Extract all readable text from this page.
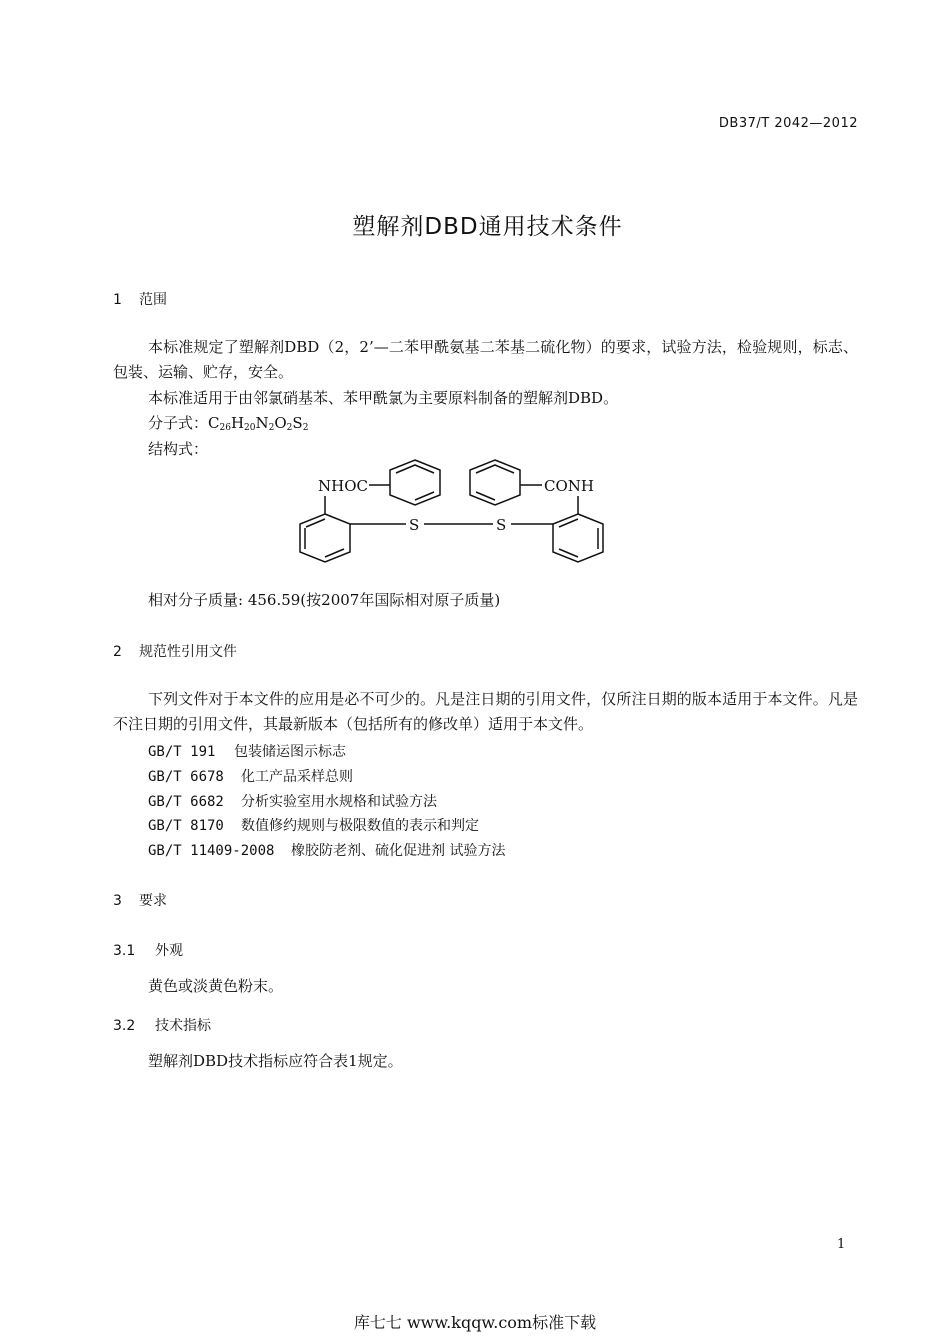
DB37/T 2042—2012
塑解剂DBD通用技术条件
1 范围

本标准规定了塑解剂DBD（2，2’—二苯甲酰氨基二苯基二硫化物）的要求，试验方法，检验规则，标志、包装、运输、贮存，安全。

本标准适用于由邻氯硝基苯、苯甲酰氯为主要原料制备的塑解剂DBD。
分子式：$C_{26}H_{20}N_2O_2S_2$
结构式：
NHOC	CONH
S	S
相对分子质量: 456.59(按2007年国际相对原子质量)
2 规范性引用文件

下列文件对于本文件的应用是必不可少的。凡是注日期的引用文件，仅所注日期的版本适用于本文件。凡是不注日期的引用文件，其最新版本（包括所有的修改单）适用于本文件。

GB/T 191 包装储运图示标志
GB/T 6678 化工产品采样总则
GB/T 6682 分析实验室用水规格和试验方法
GB/T 8170 数值修约规则与极限数值的表示和判定
GB/T 11409-2008 橡胶防老剂、硫化促进剂 试验方法
3 要求
3.1 外观
黄色或淡黄色粉末。
3.2 技术指标
塑解剂DBD技术指标应符合表1规定。
1
库七七 www.kqqw.com标准下载
